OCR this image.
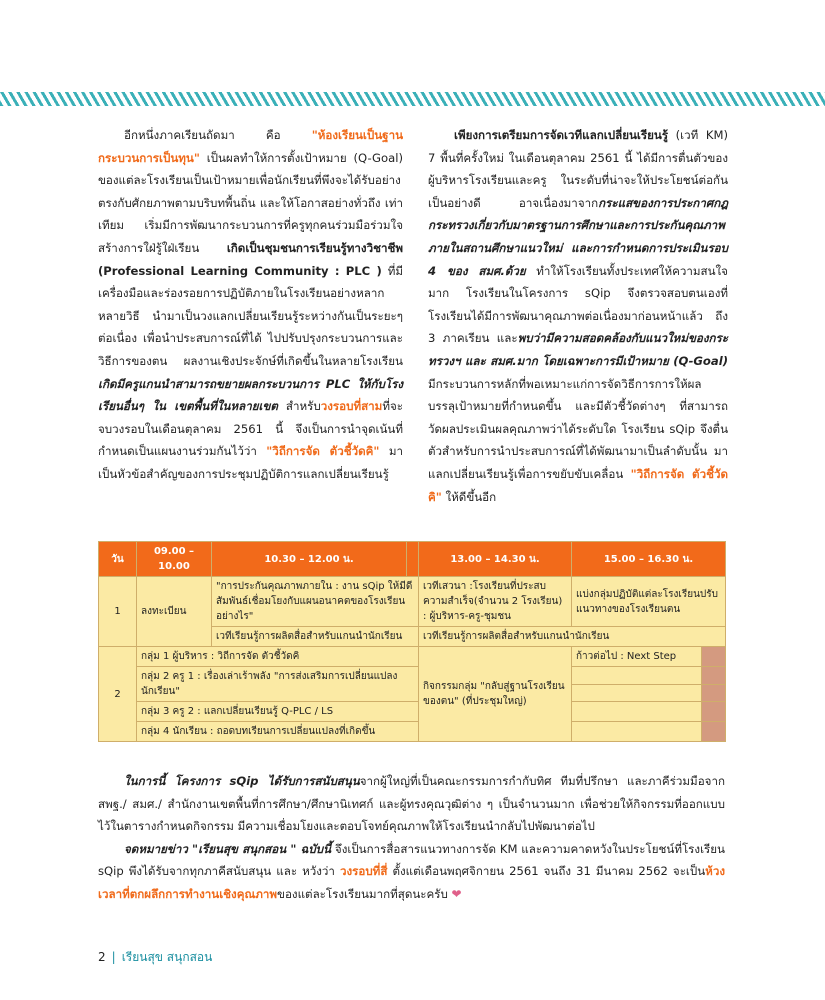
อีกหนึ่งภาคเรียนถัดมา คือ "ห้องเรียนเป็นฐาน กระบวนการเป็นทุน" เป็นผลทำให้การตั้งเป้าหมาย (Q-Goal) ของแต่ละโรงเรียนเป็นเป้าหมายเพื่อนักเรียนที่พึงจะได้รับอย่างตรงกับศักยภาพตามบริบทพื้นถิ่น และให้โอกาสอย่างทั่วถึง เท่าเทียม เริ่มมีการพัฒนากระบวนการที่ครูทุกคนร่วมมือร่วมใจสร้างการใฝ่รู้ใฝ่เรียน เกิดเป็นชุมชนการเรียนรู้ทางวิชาชีพ (Professional Learning Community : PLC ) ที่มีเครื่องมือและร่องรอยการปฏิบัติภายในโรงเรียนอย่างหลากหลายวิธี นำมาเป็นวงแลกเปลี่ยนเรียนรู้ระหว่างกันเป็นระยะๆ ต่อเนื่อง เพื่อนำประสบการณ์ที่ได้ ไปปรับปรุงกระบวนการและวิธีการของตน ผลงานเชิงประจักษ์ที่เกิดขึ้นในหลายโรงเรียน เกิดมีครูแกนนำสามารถขยายผลกระบวนการ PLC ให้กับโรงเรียนอื่นๆ ใน เขตพื้นที่ในหลายเขต สำหรับวงรอบที่สามที่จะจบวงรอบในเดือนตุลาคม 2561 นี้ จึงเป็นการนำจุดเน้นที่กำหนดเป็นแผนงานร่วมกันไว้ว่า "วิถีการจัด ตัวชี้วัดคิ" มาเป็นหัวข้อสำคัญของการประชุมปฏิบัติการแลกเปลี่ยนเรียนรู้

เพียงการเตรียมการจัดเวทีแลกเปลี่ยนเรียนรู้ (เวที KM) 7 พื้นที่ครั้งใหม่ ในเดือนตุลาคม 2561 นี้ ได้มีการตื่นตัวของผู้บริหารโรงเรียนและครู ในระดับที่น่าจะให้ประโยชน์ต่อกันเป็นอย่างดี อาจเนื่องมาจากกระแสของการประกาศกฎกระทรวงเกี่ยวกับมาตรฐานการศึกษาและการประกันคุณภาพภายในสถานศึกษาแนวใหม่ และการกำหนดการประเมินรอบ 4 ของ สมศ.ด้วย ทำให้โรงเรียนทั้งประเทศให้ความสนใจ มาก โรงเรียนในโครงการ sQip จึงตรวจสอบตนเองที่โรงเรียนได้มีการพัฒนาคุณภาพต่อเนื่องมาก่อนหน้าแล้ว ถึง 3 ภาคเรียน และพบว่ามีความสอดคล้องกับแนวใหม่ของกระทรวงฯ และ สมศ.มาก โดยเฉพาะการมีเป้าหมาย (Q-Goal) มีกระบวนการหลักที่พอเหมาะแก่การจัดวิธีการการให้ผลบรรลุเป้าหมายที่กำหนดขึ้น และมีตัวชี้วัดต่างๆ ที่สามารถวัดผลประเมินผลคุณภาพว่าได้ระดับใด โรงเรียน sQip จึงตื่นตัวสำหรับการนำประสบการณ์ที่ได้พัฒนามาเป็นลำดับนั้น มาแลกเปลี่ยนเรียนรู้เพื่อการขยับขับเคลื่อน "วิถีการจัด ตัวชี้วัดคิ" ให้ดีขึ้นอีก

วัน	09.00 – 10.00	10.30 – 12.00 น.		13.00 – 14.30 น.	15.00 – 16.30 น.	
1	ลงทะเบียน	"การประกันคุณภาพภายใน : งาน sQip ให้มีดีสัมพันธ์เชื่อมโยงกับแผนอนาคตของโรงเรียนอย่างไร"		เวทีเสวนา :โรงเรียนที่ประสบความสำเร็จ(จำนวน 2 โรงเรียน) : ผู้บริหาร-ครู-ชุมชน	แบ่งกลุ่มปฏิบัติแต่ละโรงเรียนปรับแนวทางของโรงเรียนตน	
		เวทีเรียนรู้การผลิตสื่อสำหรับแกนนำนักเรียน		เวทีเรียนรู้การผลิตสื่อสำหรับแกนนำนักเรียน		
2	กลุ่ม 1 ผู้บริหาร : วิถีการจัด ตัวชี้วัดคิ			กิจกรรมกลุ่ม "กลับสู่ฐานโรงเรียนของตน" (ที่ประชุมใหญ่)	ก้าวต่อไป : Next Step	
	กลุ่ม 2 ครู 1 : เรื่องเล่าเร้าพลัง "การส่งเสริมการเปลี่ยนแปลงนักเรียน"					

	กลุ่ม 3 ครู 2 : แลกเปลี่ยนเรียนรู้ Q-PLC / LS					
	กลุ่ม 4 นักเรียน : ถอดบทเรียนการเปลี่ยนแปลงที่เกิดขึ้น					

ในการนี้ โครงการ sQip ได้รับการสนับสนุนจากผู้ใหญ่ที่เป็นคณะกรรมการกำกับทิศ ทีมที่ปรึกษา และภาคีร่วมมือจาก สพฐ./ สมศ./ สำนักงานเขตพื้นที่การศึกษา/ศึกษานิเทศก์ และผู้ทรงคุณวุฒิต่าง ๆ เป็นจำนวนมาก เพื่อช่วยให้กิจกรรมที่ออกแบบไว้ในตารางกำหนดกิจกรรม มีความเชื่อมโยงและตอบโจทย์คุณภาพให้โรงเรียนนำกลับไปพัฒนาต่อไป

จดหมายข่าว "เรียนสุข สนุกสอน " ฉบับนี้ จึงเป็นการสื่อสารแนวทางการจัด KM และความคาดหวังในประโยชน์ที่โรงเรียน sQip พึงได้รับจากทุกภาคีสนับสนุน และ หวังว่า วงรอบที่สี่ ตั้งแต่เดือนพฤศจิกายน 2561 จนถึง 31 มีนาคม 2562 จะเป็นห้วงเวลาที่ตกผลึกการทำงานเชิงคุณภาพของแต่ละโรงเรียนมากที่สุดนะครับ ❤

2 | เรียนสุข สนุกสอน
